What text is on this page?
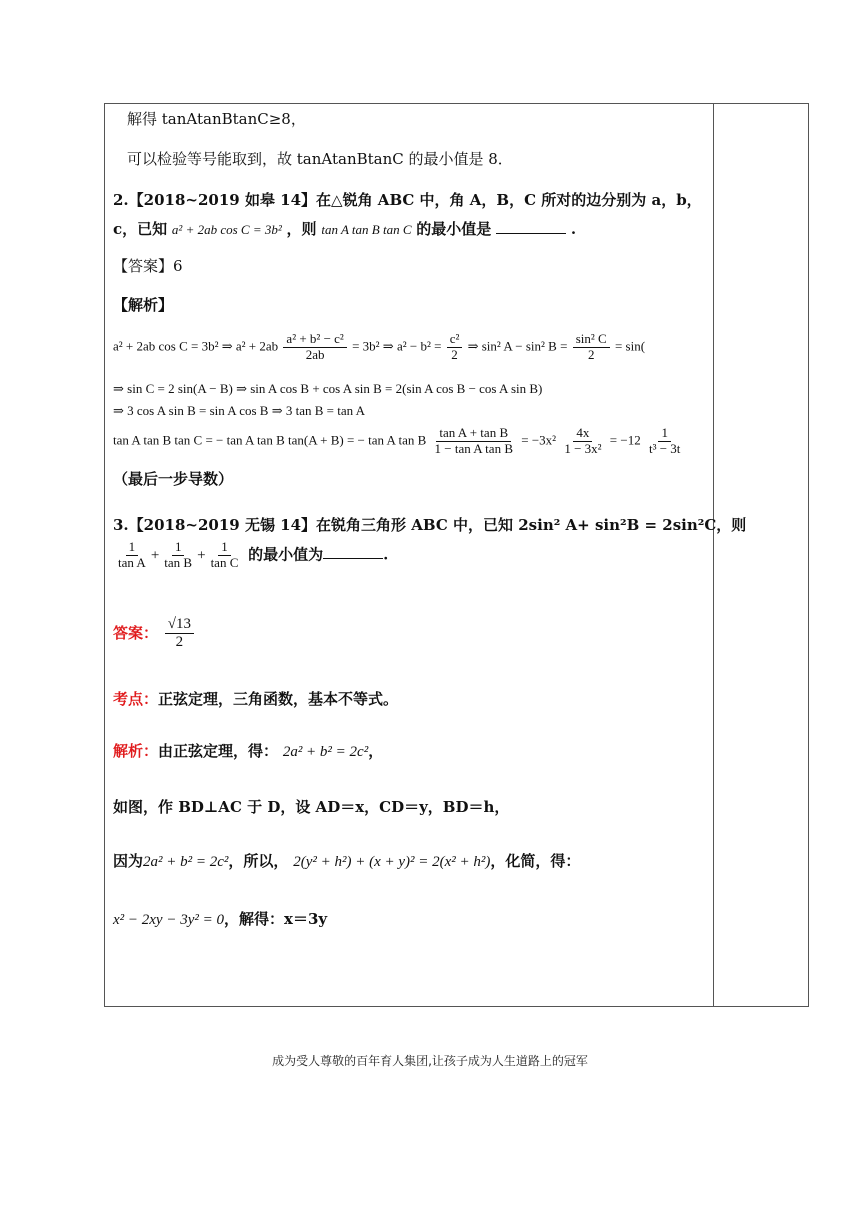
解得 tanAtanBtanC≥8，
可以检验等号能取到，故 tanAtanBtanC 的最小值是 8．
2.【2018~2019 如皋 14】在△锐角 ABC 中，角 A，B，C 所对的边分别为 a，b，
c，已知 a² + 2ab cos C = 3b² ，则 tan A tan B tan C 的最小值是	.
【答案】6
【解析】
a² + 2ab cos C = 3b² ⇒ $a^2 + 2ab \frac{\text{a² + b² − c²}}{2ab} = 3b^2$ ⇒ $a^2 - b^2 = \frac{\text{c²}}{2}$ ⇒ sin² A − sin² $B = \frac{\text{sin² C}}{2} = \sin$(
⇒ sin C = 2 sin(A − B) ⇒ sin A cos B + cos A sin B = 2(sin A cos B − cos A sin B)
⇒ 3 cos A sin B = sin A cos B ⇒ 3 tan B = tan A
tan A tan B tan C = − tan A tan B tan(A + B) = − tan A tan B $\frac{\text{tan A + tan B}}{\text{1 − tan A tan B}} = -3x^2 \frac{4x}{\text{1 − 3x²}} = -12 \frac{1}{\text{t³ − 3t}}$
（最后一步导数）
3.【2018~2019 无锡 14】在锐角三角形 ABC 中，已知 2sin² A+ sin²B = 2sin²C，则
$\frac{1}{\text{tan A}} + \frac{1}{\text{tan B}} + \frac{1}{\text{tan C}}$ 的最小值为	.
答案： $\frac{√13}{2}$
考点：正弦定理，三角函数，基本不等式。
解析：由正弦定理，得： 2a² + b² = 2c²，
如图，作 BD⊥AC 于 D，设 AD＝x，CD＝y，BD＝h，
因为2a² + b² = 2c²，所以， 2(y² + h²) + (x + y)² = 2(x² + h²)，化简，得：
x² − 2xy − 3y² = 0，解得：x＝3y
成为受人尊敬的百年育人集团,让孩子成为人生道路上的冠军
